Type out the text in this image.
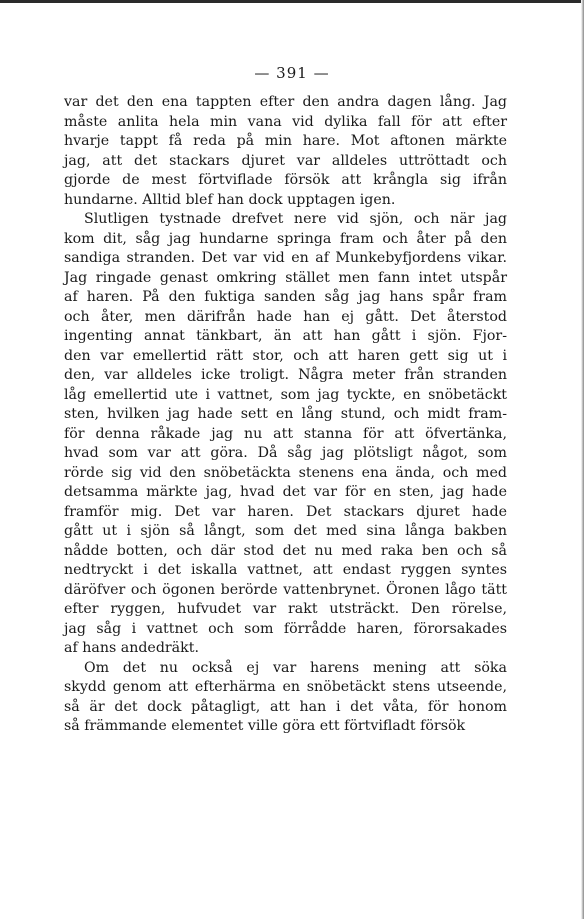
— 391 —
var det den ena tappten efter den andra dagen lång. Jag
måste anlita hela min vana vid dylika fall för att efter
hvarje tappt få reda på min hare. Mot aftonen märkte
jag, att det stackars djuret var alldeles uttröttadt och
gjorde de mest förtviflade försök att krångla sig ifrån
hundarne. Alltid blef han dock upptagen igen.
Slutligen tystnade drefvet nere vid sjön, och när jag
kom dit, såg jag hundarne springa fram och åter på den
sandiga stranden. Det var vid en af Munkebyfjordens vikar.
Jag ringade genast omkring stället men fann intet utspår
af haren. På den fuktiga sanden såg jag hans spår fram
och åter, men därifrån hade han ej gått. Det återstod
ingenting annat tänkbart, än att han gått i sjön. Fjor-
den var emellertid rätt stor, och att haren gett sig ut i
den, var alldeles icke troligt. Några meter från stranden
låg emellertid ute i vattnet, som jag tyckte, en snöbetäckt
sten, hvilken jag hade sett en lång stund, och midt fram-
för denna råkade jag nu att stanna för att öfvertänka,
hvad som var att göra. Då såg jag plötsligt något, som
rörde sig vid den snöbetäckta stenens ena ända, och med
detsamma märkte jag, hvad det var för en sten, jag hade
framför mig. Det var haren. Det stackars djuret hade
gått ut i sjön så långt, som det med sina långa bakben
nådde botten, och där stod det nu med raka ben och så
nedtryckt i det iskalla vattnet, att endast ryggen syntes
däröfver och ögonen berörde vattenbrynet. Öronen lågo tätt
efter ryggen, hufvudet var rakt utsträckt. Den rörelse,
jag såg i vattnet och som förrådde haren, förorsakades
af hans andedräkt.
Om det nu också ej var harens mening att söka
skydd genom att efterhärma en snöbetäckt stens utseende,
så är det dock påtagligt, att han i det våta, för honom
så främmande elementet ville göra ett förtvifladt försök
